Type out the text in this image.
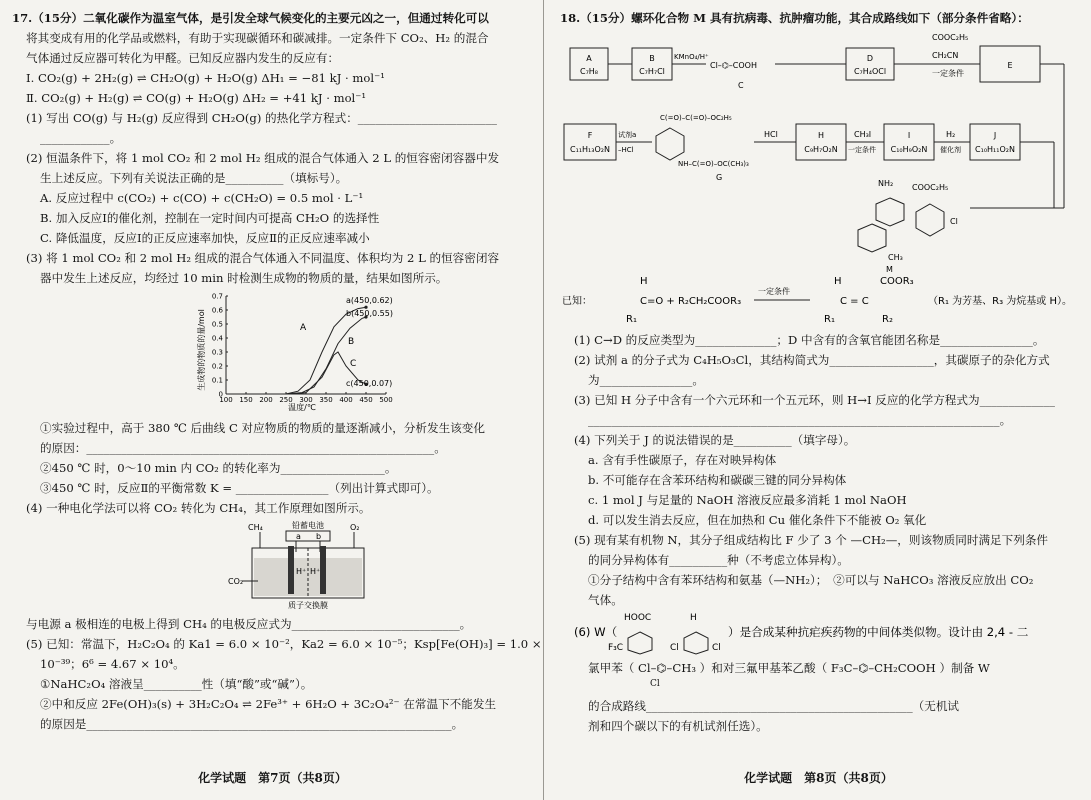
17.（15分）二氧化碳作为温室气体，是引发全球气候变化的主要元凶之一，但通过转化可以
将其变成有用的化学品或燃料，有助于实现碳循环和碳减排。一定条件下 CO₂、H₂ 的混合
气体通过反应器可转化为甲醛。已知反应器内发生的反应有：
Ⅰ. CO₂(g) + 2H₂(g) ⇌ CH₂O(g) + H₂O(g) ΔH₁ = −81 kJ · mol⁻¹
Ⅱ. CO₂(g) + H₂(g) ⇌ CO(g) + H₂O(g) ΔH₂ = +41 kJ · mol⁻¹
(1) 写出 CO(g) 与 H₂(g) 反应得到 CH₂O(g) 的热化学方程式：________________________
____________。
(2) 恒温条件下，将 1 mol CO₂ 和 2 mol H₂ 组成的混合气体通入 2 L 的恒容密闭容器中发
生上述反应。下列有关说法正确的是__________（填标号）。
A. 反应过程中 c(CO₂) + c(CO) + c(CH₂O) = 0.5 mol · L⁻¹
B. 加入反应Ⅰ的催化剂，控制在一定时间内可提高 CH₂O 的选择性
C. 降低温度，反应Ⅰ的正反应速率加快，反应Ⅱ的正反应速率减小
(3) 将 1 mol CO₂ 和 2 mol H₂ 组成的混合气体通入不同温度、体积均为 2 L 的恒容密闭容
器中发生上述反应，均经过 10 min 时检测生成物的物质的量，结果如图所示。
生成物的物质的量/mol
温度/℃
100 150 200 250 300 350 400 450 500
0
0.1
0.2
0.3
0.4
0.5
0.6
0.7	a(450,0.62)
b(450,0.55)
c(450,0.07)
A
B
C
①实验过程中，高于 380 ℃ 后曲线 C 对应物质的物质的量逐渐减小，分析发生该变化
的原因：____________________________________________________________。
②450 ℃ 时，0～10 min 内 CO₂ 的转化率为__________________。
③450 ℃ 时，反应Ⅱ的平衡常数 K = ________________（列出计算式即可）。
(4) 一种电化学法可以将 CO₂ 转化为 CH₄，其工作原理如图所示。
铅蓄电池
a b
CH₄	O₂
H⁺ H⁺
CO₂
质子交换膜
与电源 a 极相连的电极上得到 CH₄ 的电极反应式为_____________________________。
(5) 已知：常温下，H₂C₂O₄ 的 Ka1 = 6.0 × 10⁻²，Ka2 = 6.0 × 10⁻⁵；Ksp[Fe(OH)₃] = 1.0 ×
10⁻³⁹；6⁶ = 4.67 × 10⁴。
①NaHC₂O₄ 溶液呈__________性（填“酸”或“碱”）。
②中和反应 2Fe(OH)₃(s) + 3H₂C₂O₄ ⇌ 2Fe³⁺ + 6H₂O + 3C₂O₄²⁻ 在常温下不能发生
的原因是_______________________________________________________________。
化学试题　第7页（共8页）
18.（15分）螺环化合物 M 具有抗病毒、抗肿瘤功能，其合成路线如下（部分条件省略）：
A
C₇H₈
B
C₇H₇Cl
KMnO₄/H⁺
Cl–⌬–COOH
C
D
C₇H₄OCl
COOC₂H₅
CH₂CN
一定条件
E
F
C₁₁H₁₃O₂N
试剂a
–HCl
C(=O)–C(=O)–OC₂H₅
NH–C(=O)–OC(CH₃)₃
G
HCl	H
C₉H₇O₂N
CH₃I
一定条件
I
C₁₀H₉O₂N
H₂
催化剂
J
C₁₀H₁₁O₂N
NH₂ COOC₂H₅
Cl
CH₃
M

已知：
H
C=O + R₂CH₂COOR₃
R₁
一定条件
H	COOR₃
C = C
R₁	R₂
（R₁ 为芳基、R₃ 为烷基或 H）。
(1) C→D 的反应类型为______________；D 中含有的含氧官能团名称是________________。
(2) 试剂 a 的分子式为 C₄H₅O₃Cl，其结构简式为__________________，其碳原子的杂化方式
为________________。
(3) 已知 H 分子中含有一个六元环和一个五元环，则 H→I 反应的化学方程式为_____________
_______________________________________________________________________。
(4) 下列关于 J 的说法错误的是__________（填字母）。
a. 含有手性碳原子，存在对映异构体
b. 不可能存在含苯环结构和碳碳三键的同分异构体
c. 1 mol J 与足量的 NaOH 溶液反应最多消耗 1 mol NaOH
d. 可以发生消去反应，但在加热和 Cu 催化条件下不能被 O₂ 氧化
(5) 现有某有机物 N，其分子组成结构比 F 少了 3 个 —CH₂—，则该物质同时满足下列条件
的同分异构体有__________种（不考虑立体异构）。
①分子结构中含有苯环结构和氨基（—NH₂）；　②可以与 NaHCO₃ 溶液反应放出 CO₂
气体。
(6) W（
HOOC	H
F₃C	Cl	Cl
）是合成某种抗疟疾药物的中间体类似物。设计由 2,4 - 二
氯甲苯（ Cl–⌬–CH₃ ）和对三氟甲基苯乙酸（ F₃C–⌬–CH₂COOH ）制备 W
Cl
的合成路线______________________________________________（无机试
剂和四个碳以下的有机试剂任选）。
化学试题　第8页（共8页）
